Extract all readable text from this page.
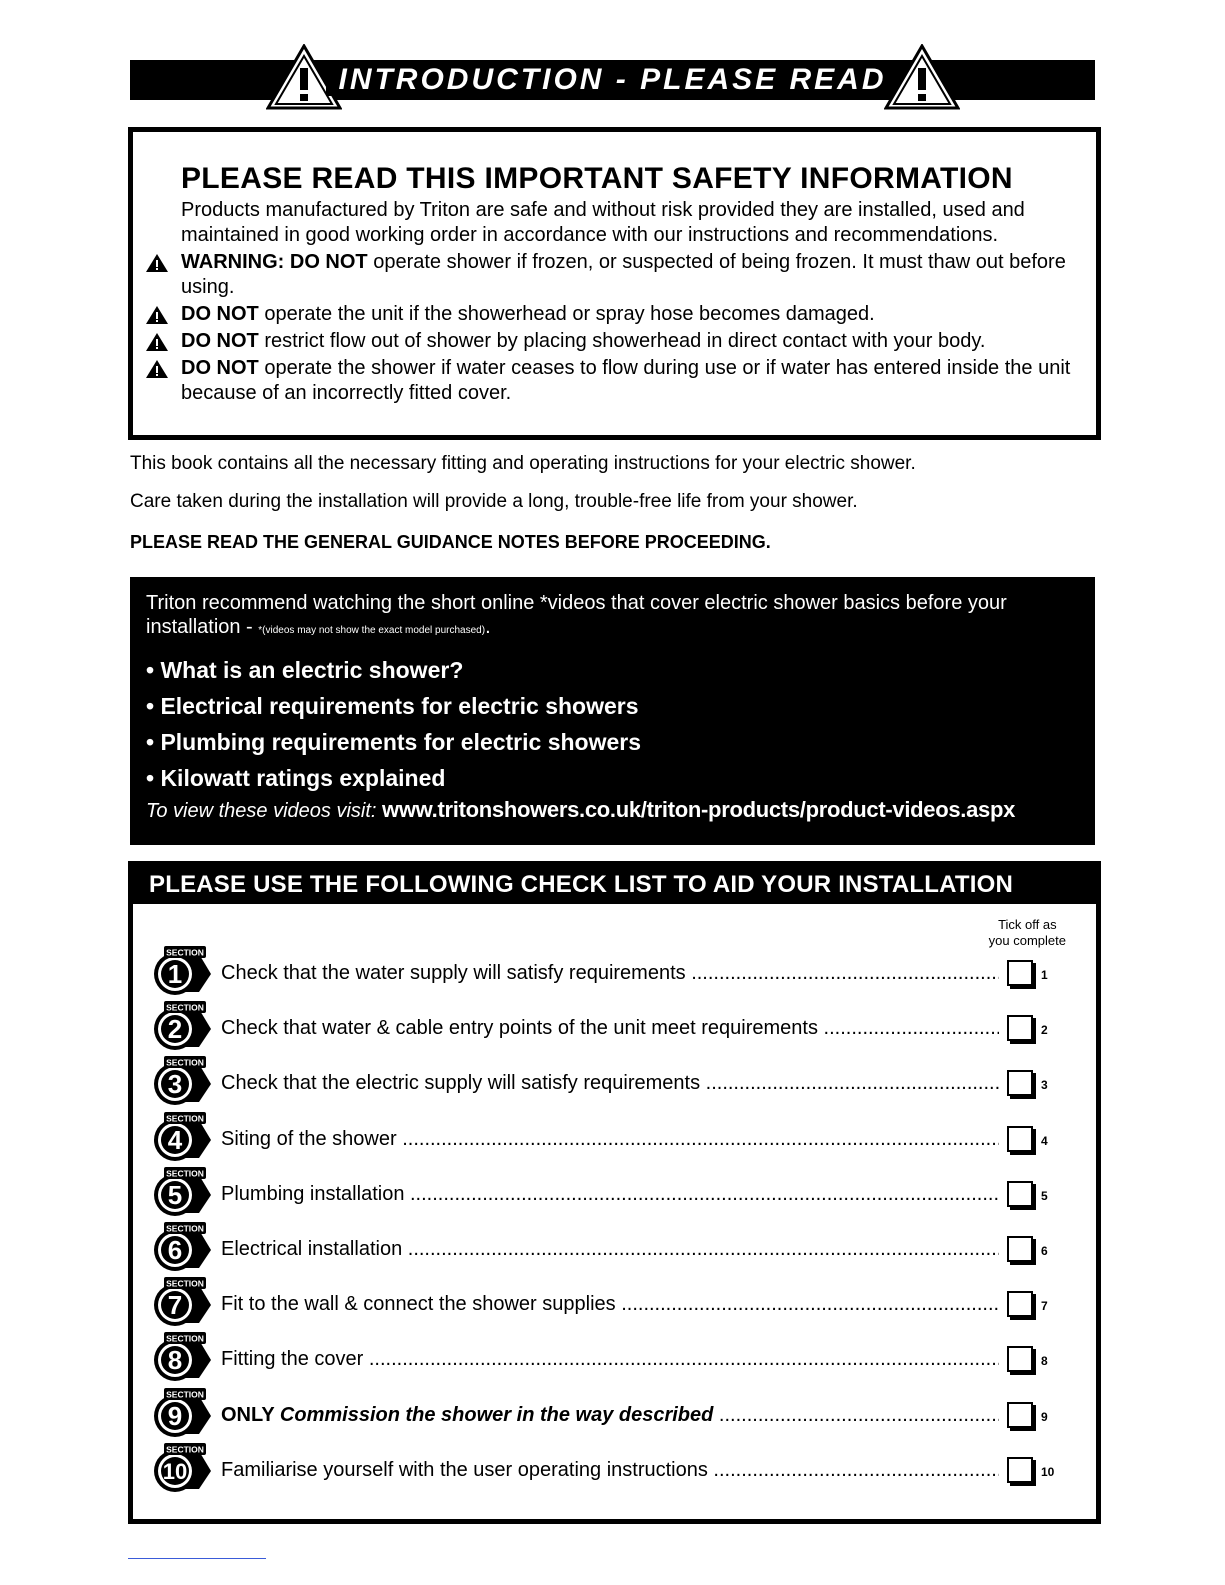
INTRODUCTION - PLEASE READ
PLEASE READ THIS IMPORTANT SAFETY INFORMATION
Products manufactured by Triton are safe and without risk provided they are installed, used and maintained in good working order in accordance with our instructions and recommendations.
WARNING: DO NOT operate shower if frozen, or suspected of being frozen. It must thaw out before using.
DO NOT operate the unit if the showerhead or spray hose becomes damaged.
DO NOT restrict flow out of shower by placing showerhead in direct contact with your body.
DO NOT operate the shower if water ceases to flow during use or if water has entered inside the unit because of an incorrectly fitted cover.
This book contains all the necessary fitting and operating instructions for your electric shower.
Care taken during the installation will provide a long, trouble-free life from your shower.
PLEASE READ THE GENERAL GUIDANCE NOTES BEFORE PROCEEDING.
Triton recommend watching the short online *videos that cover electric shower basics before your installation - *(videos may not show the exact model purchased).
• What is an electric shower?
• Electrical requirements for electric showers
• Plumbing requirements for electric showers
• Kilowatt ratings explained
To view these videos visit: www.tritonshowers.co.uk/triton-products/product-videos.aspx
PLEASE USE THE FOLLOWING CHECK LIST TO AID YOUR INSTALLATION
Tick off as
you complete
SECTION
1 Check that the water supply will satisfy requirements .....	1
SECTION
2 Check that water & cable entry points of the unit meet requirements .....	2
SECTION
3 Check that the electric supply will satisfy requirements .....	3
SECTION
4 Siting of the shower .....	4
SECTION
5 Plumbing installation .....	5
SECTION
6 Electrical installation .....	6
SECTION
7 Fit to the wall & connect the shower supplies .....	7
SECTION
8 Fitting the cover .....	8
SECTION
9 ONLY Commission the shower in the way described .....	9
SECTION
10 Familiarise yourself with the user operating instructions .....	10
